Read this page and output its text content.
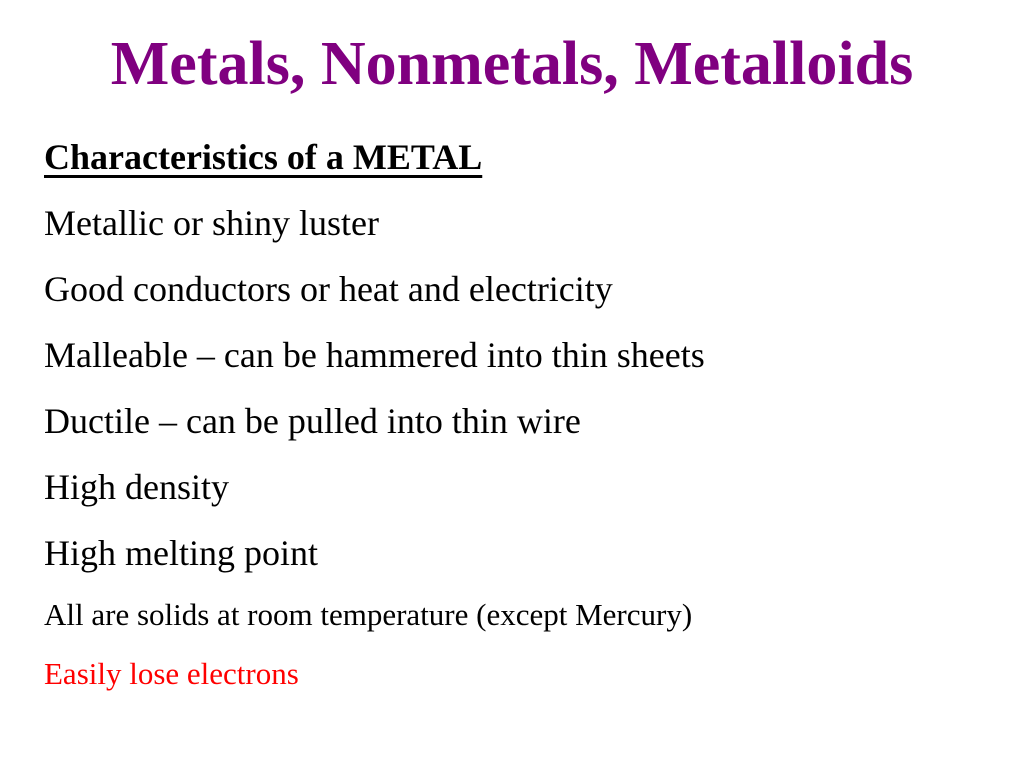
Metals, Nonmetals, Metalloids
Characteristics of a METAL
Metallic or shiny luster
Good conductors or heat and electricity
Malleable – can be hammered into thin sheets
Ductile – can be pulled into thin wire
High density
High melting point
All are solids at room temperature (except Mercury)
Easily lose electrons
